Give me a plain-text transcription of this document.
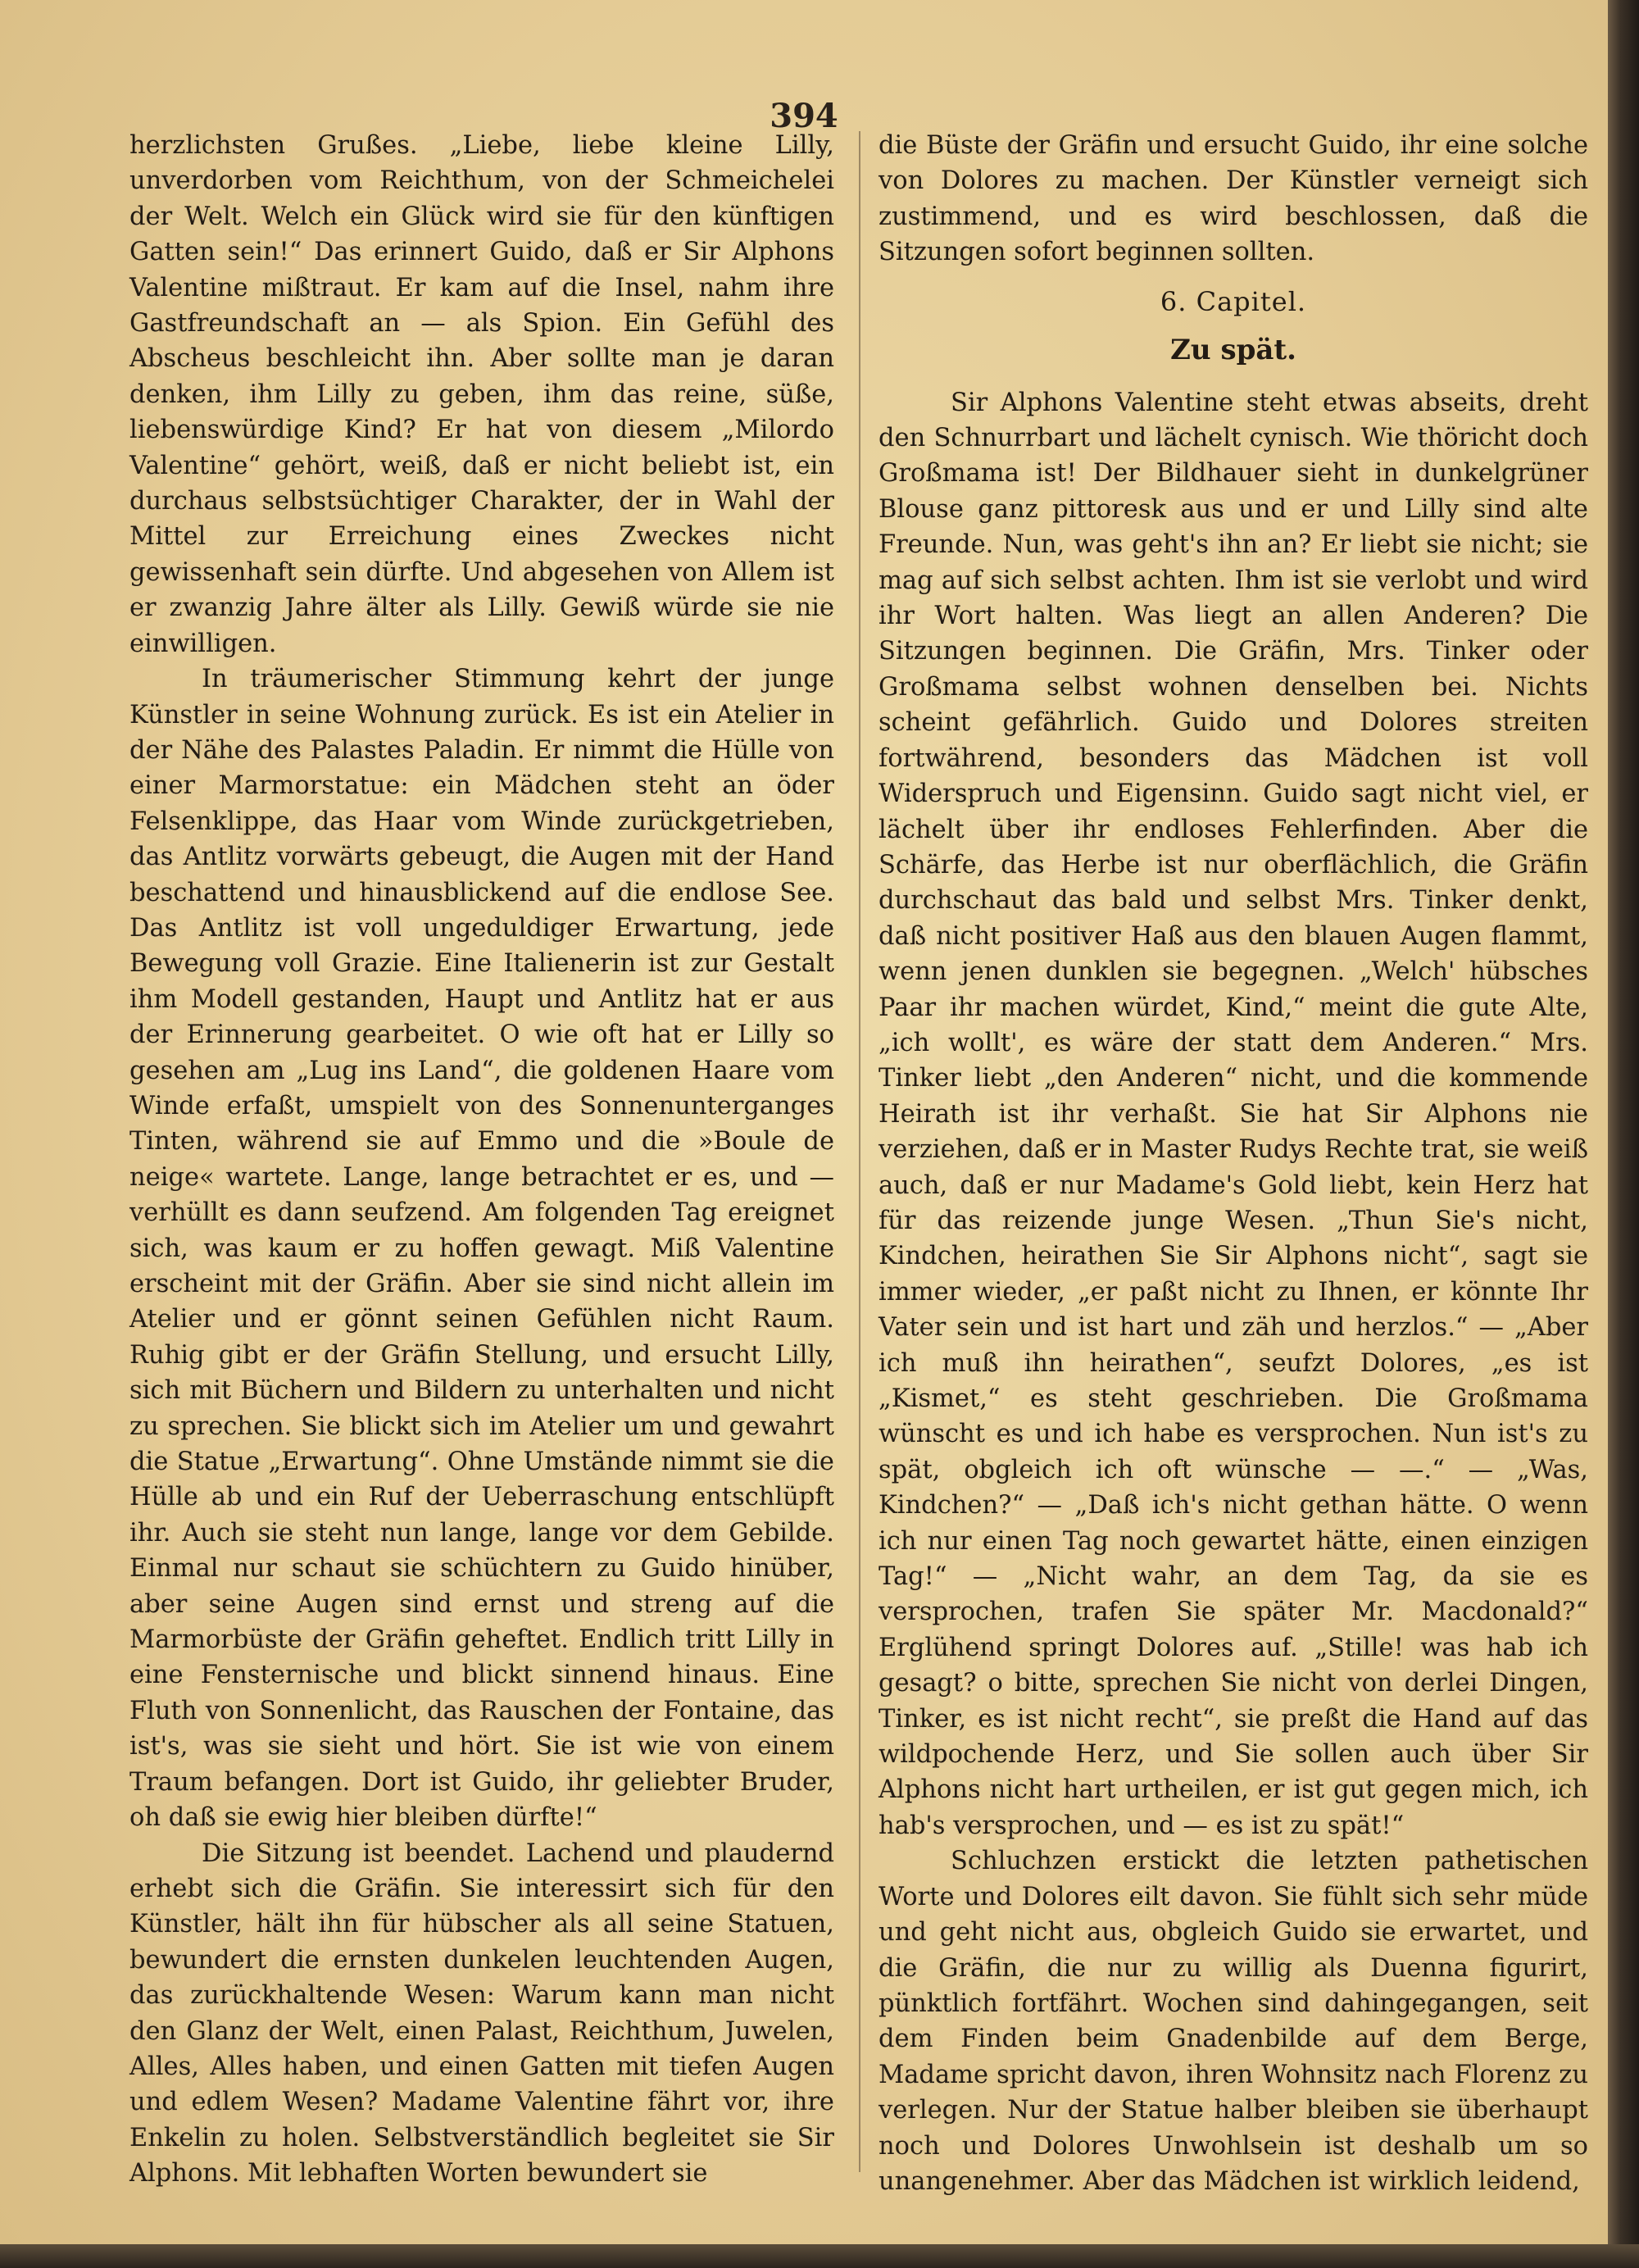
394

herzlichsten Grußes. „Liebe, liebe kleine Lilly, unverdorben vom Reichthum, von der Schmeichelei der Welt. Welch ein Glück wird sie für den künftigen Gatten sein!“ Das erinnert Guido, daß er Sir Alphons Valentine mißtraut. Er kam auf die Insel, nahm ihre Gastfreundschaft an — als Spion. Ein Gefühl des Abscheus beschleicht ihn. Aber sollte man je daran denken, ihm Lilly zu geben, ihm das reine, süße, liebenswürdige Kind? Er hat von diesem „Milordo Valentine“ gehört, weiß, daß er nicht beliebt ist, ein durchaus selbstsüchtiger Charakter, der in Wahl der Mittel zur Erreichung eines Zweckes nicht gewissenhaft sein dürfte. Und abgesehen von Allem ist er zwanzig Jahre älter als Lilly. Gewiß würde sie nie einwilligen.

In träumerischer Stimmung kehrt der junge Künstler in seine Wohnung zurück. Es ist ein Atelier in der Nähe des Palastes Paladin. Er nimmt die Hülle von einer Marmorstatue: ein Mädchen steht an öder Felsenklippe, das Haar vom Winde zurückgetrieben, das Antlitz vorwärts gebeugt, die Augen mit der Hand beschattend und hinausblickend auf die endlose See. Das Antlitz ist voll ungeduldiger Erwartung, jede Bewegung voll Grazie. Eine Italienerin ist zur Gestalt ihm Modell gestanden, Haupt und Antlitz hat er aus der Erinnerung gearbeitet. O wie oft hat er Lilly so gesehen am „Lug ins Land“, die goldenen Haare vom Winde erfaßt, umspielt von des Sonnenunterganges Tinten, während sie auf Emmo und die »Boule de neige« wartete. Lange, lange betrachtet er es, und — verhüllt es dann seufzend. Am folgenden Tag ereignet sich, was kaum er zu hoffen gewagt. Miß Valentine erscheint mit der Gräfin. Aber sie sind nicht allein im Atelier und er gönnt seinen Gefühlen nicht Raum. Ruhig gibt er der Gräfin Stellung, und ersucht Lilly, sich mit Büchern und Bildern zu unterhalten und nicht zu sprechen. Sie blickt sich im Atelier um und gewahrt die Statue „Erwartung“. Ohne Umstände nimmt sie die Hülle ab und ein Ruf der Ueberraschung entschlüpft ihr. Auch sie steht nun lange, lange vor dem Gebilde. Einmal nur schaut sie schüchtern zu Guido hinüber, aber seine Augen sind ernst und streng auf die Marmorbüste der Gräfin geheftet. Endlich tritt Lilly in eine Fensternische und blickt sinnend hinaus. Eine Fluth von Sonnenlicht, das Rauschen der Fontaine, das ist's, was sie sieht und hört. Sie ist wie von einem Traum befangen. Dort ist Guido, ihr geliebter Bruder, oh daß sie ewig hier bleiben dürfte!“

Die Sitzung ist beendet. Lachend und plaudernd erhebt sich die Gräfin. Sie interessirt sich für den Künstler, hält ihn für hübscher als all seine Statuen, bewundert die ernsten dunkelen leuchtenden Augen, das zurückhaltende Wesen: Warum kann man nicht den Glanz der Welt, einen Palast, Reichthum, Juwelen, Alles, Alles haben, und einen Gatten mit tiefen Augen und edlem Wesen? Madame Valentine fährt vor, ihre Enkelin zu holen. Selbstverständlich begleitet sie Sir Alphons. Mit lebhaften Worten bewundert sie

die Büste der Gräfin und ersucht Guido, ihr eine solche von Dolores zu machen. Der Künstler verneigt sich zustimmend, und es wird beschlossen, daß die Sitzungen sofort beginnen sollten.

6. Capitel.
Zu spät.

Sir Alphons Valentine steht etwas abseits, dreht den Schnurrbart und lächelt cynisch. Wie thöricht doch Großmama ist! Der Bildhauer sieht in dunkelgrüner Blouse ganz pittoresk aus und er und Lilly sind alte Freunde. Nun, was geht's ihn an? Er liebt sie nicht; sie mag auf sich selbst achten. Ihm ist sie verlobt und wird ihr Wort halten. Was liegt an allen Anderen? Die Sitzungen beginnen. Die Gräfin, Mrs. Tinker oder Großmama selbst wohnen denselben bei. Nichts scheint gefährlich. Guido und Dolores streiten fortwährend, besonders das Mädchen ist voll Widerspruch und Eigensinn. Guido sagt nicht viel, er lächelt über ihr endloses Fehlerfinden. Aber die Schärfe, das Herbe ist nur oberflächlich, die Gräfin durchschaut das bald und selbst Mrs. Tinker denkt, daß nicht positiver Haß aus den blauen Augen flammt, wenn jenen dunklen sie begegnen. „Welch' hübsches Paar ihr machen würdet, Kind,“ meint die gute Alte, „ich wollt', es wäre der statt dem Anderen.“ Mrs. Tinker liebt „den Anderen“ nicht, und die kommende Heirath ist ihr verhaßt. Sie hat Sir Alphons nie verziehen, daß er in Master Rudys Rechte trat, sie weiß auch, daß er nur Madame's Gold liebt, kein Herz hat für das reizende junge Wesen. „Thun Sie's nicht, Kindchen, heirathen Sie Sir Alphons nicht“, sagt sie immer wieder, „er paßt nicht zu Ihnen, er könnte Ihr Vater sein und ist hart und zäh und herzlos.“ — „Aber ich muß ihn heirathen“, seufzt Dolores, „es ist „Kismet,“ es steht geschrieben. Die Großmama wünscht es und ich habe es versprochen. Nun ist's zu spät, obgleich ich oft wünsche — —.“ — „Was, Kindchen?“ — „Daß ich's nicht gethan hätte. O wenn ich nur einen Tag noch gewartet hätte, einen einzigen Tag!“ — „Nicht wahr, an dem Tag, da sie es versprochen, trafen Sie später Mr. Macdonald?“ Erglühend springt Dolores auf. „Stille! was hab ich gesagt? o bitte, sprechen Sie nicht von derlei Dingen, Tinker, es ist nicht recht“, sie preßt die Hand auf das wildpochende Herz, und Sie sollen auch über Sir Alphons nicht hart urtheilen, er ist gut gegen mich, ich hab's versprochen, und — es ist zu spät!“

Schluchzen erstickt die letzten pathetischen Worte und Dolores eilt davon. Sie fühlt sich sehr müde und geht nicht aus, obgleich Guido sie erwartet, und die Gräfin, die nur zu willig als Duenna figurirt, pünktlich fortfährt. Wochen sind dahingegangen, seit dem Finden beim Gnadenbilde auf dem Berge, Madame spricht davon, ihren Wohnsitz nach Florenz zu verlegen. Nur der Statue halber bleiben sie überhaupt noch und Dolores Unwohlsein ist deshalb um so unangenehmer. Aber das Mädchen ist wirklich leidend,
